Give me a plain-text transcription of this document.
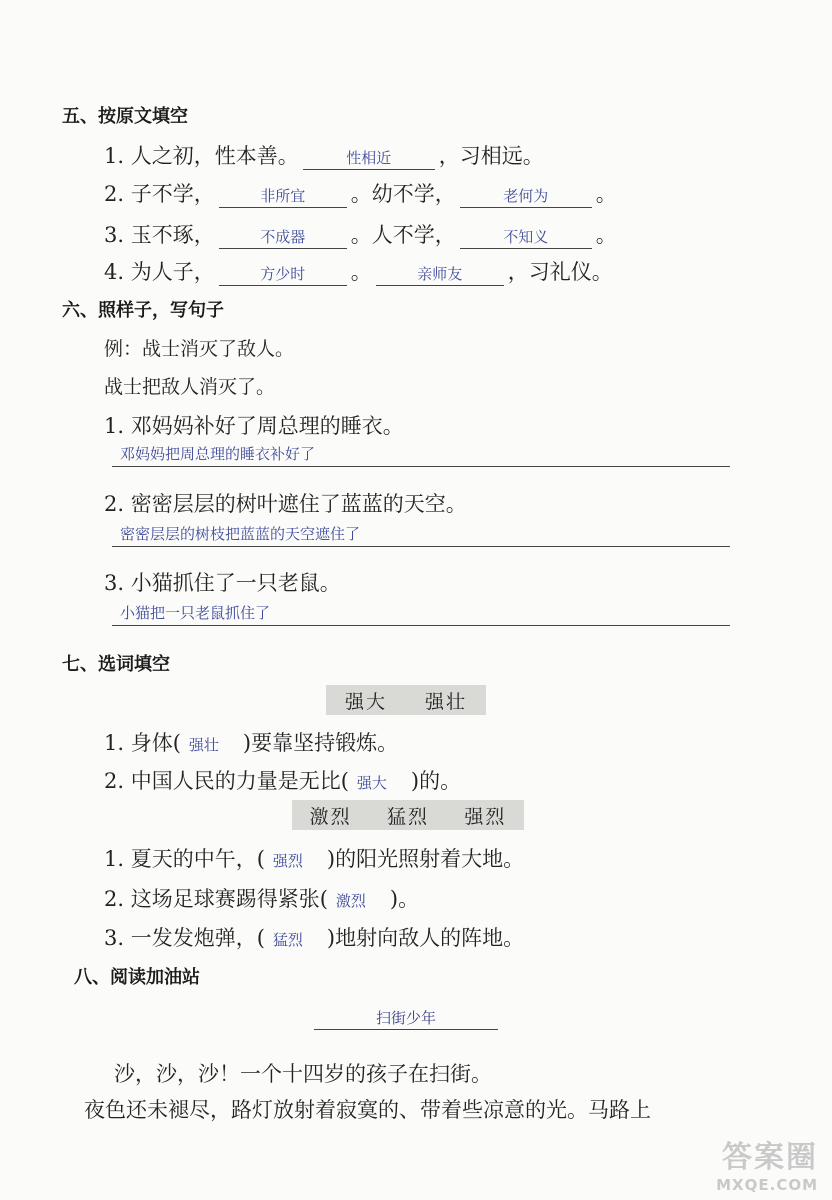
五、按原文填空
1. 人之初，性本善。	性相近 ，习相远。
2. 子不学，	非所宜 。幼不学，	老何为 。
3. 玉不琢，	不成器 。人不学，	不知义 。
4. 为人子，	方少时 。	亲师友 ，习礼仪。
六、照样子，写句子
例：战士消灭了敌人。
战士把敌人消灭了。
1. 邓妈妈补好了周总理的睡衣。
邓妈妈把周总理的睡衣补好了
2. 密密层层的树叶遮住了蓝蓝的天空。
密密层层的树枝把蓝蓝的天空遮住了
3. 小猫抓住了一只老鼠。
小猫把一只老鼠抓住了
七、选词填空
强大 强壮
1. 身体( 强壮 )要靠坚持锻炼。
2. 中国人民的力量是无比( 强大 )的。
激烈 猛烈 强烈
1. 夏天的中午，( 强烈 )的阳光照射着大地。
2. 这场足球赛踢得紧张( 激烈 )。
3. 一发发炮弹，( 猛烈 )地射向敌人的阵地。
八、阅读加油站
扫街少年
沙，沙，沙！一个十四岁的孩子在扫街。
夜色还未褪尽，路灯放射着寂寞的、带着些凉意的光。马路上
答案圈
MXQE.COM
